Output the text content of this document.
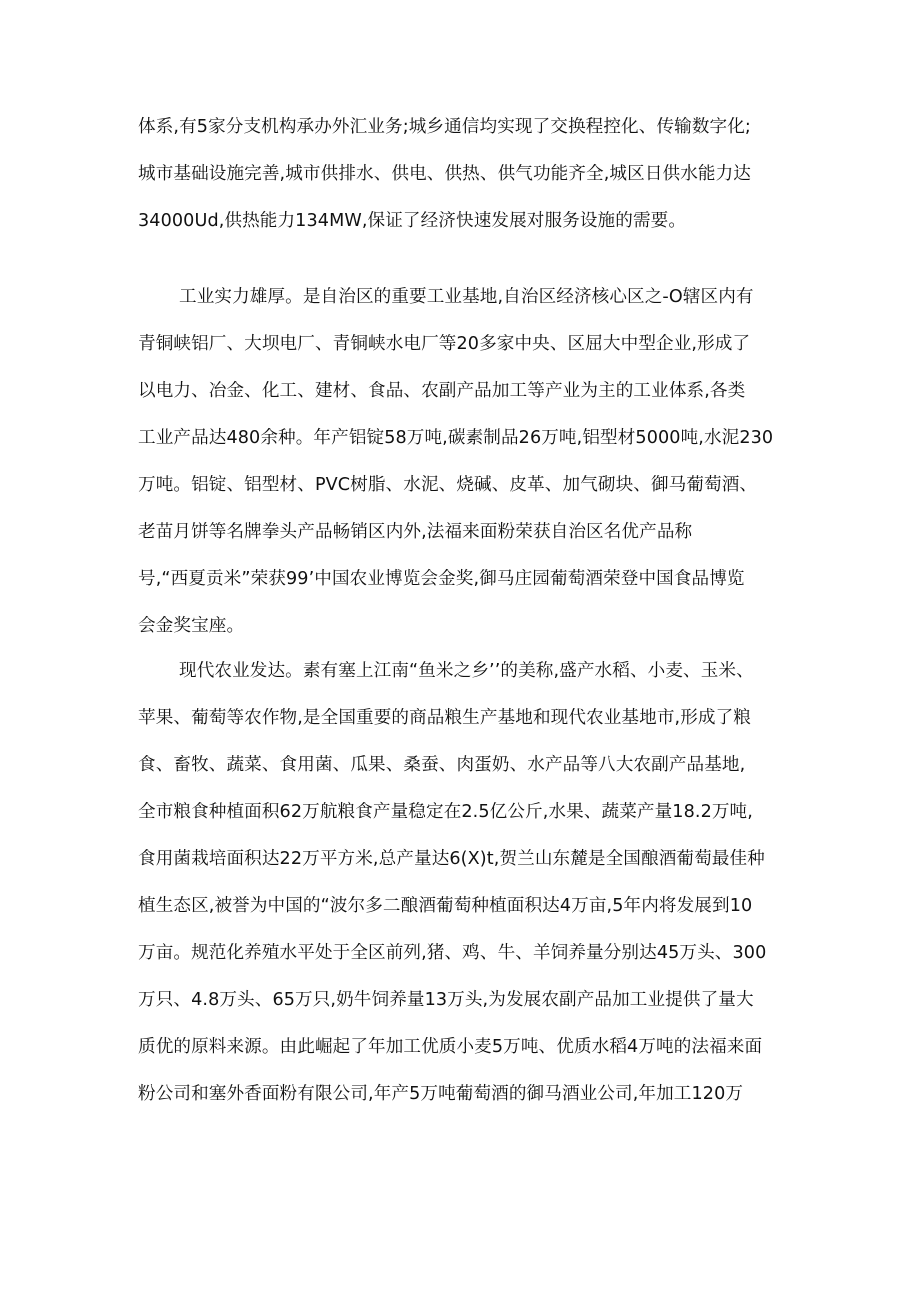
体系,有5家分支机构承办外汇业务;城乡通信均实现了交换程控化、传输数字化;
城市基础设施完善,城市供排水、供电、供热、供气功能齐全,城区日供水能力达
34000Ud,供热能力134MW,保证了经济快速发展对服务设施的需要。
工业实力雄厚。是自治区的重要工业基地,自治区经济核心区之-O辖区内有
青铜峡铝厂、大坝电厂、青铜峡水电厂等20多家中央、区屈大中型企业,形成了
以电力、冶金、化工、建材、食品、农副产品加工等产业为主的工业体系,各类
工业产品达480余种。年产铝锭58万吨,碳素制品26万吨,铝型材5000吨,水泥230
万吨。铝锭、铝型材、PVC树脂、水泥、烧碱、皮革、加气砌块、御马葡萄酒、
老苗月饼等名牌拳头产品畅销区内外,法福来面粉荣获自治区名优产品称
号,“西夏贡米”荣获99’中国农业博览会金奖,御马庄园葡萄酒荣登中国食品博览
会金奖宝座。
现代农业发达。素有塞上江南“鱼米之乡’’的美称,盛产水稻、小麦、玉米、
苹果、葡萄等农作物,是全国重要的商品粮生产基地和现代农业基地市,形成了粮
食、畜牧、蔬菜、食用菌、瓜果、桑蚕、肉蛋奶、水产品等八大农副产品基地,
全市粮食种植面积62万航粮食产量稳定在2.5亿公斤,水果、蔬菜产量18.2万吨,
食用菌栽培面积达22万平方米,总产量达6(X)t,贺兰山东麓是全国酿酒葡萄最佳种
植生态区,被誉为中国的“波尔多二酿酒葡萄种植面积达4万亩,5年内将发展到10
万亩。规范化养殖水平处于全区前列,猪、鸡、牛、羊饲养量分别达45万头、300
万只、4.8万头、65万只,奶牛饲养量13万头,为发展农副产品加工业提供了量大
质优的原料来源。由此崛起了年加工优质小麦5万吨、优质水稻4万吨的法福来面
粉公司和塞外香面粉有限公司,年产5万吨葡萄酒的御马酒业公司,年加工120万
